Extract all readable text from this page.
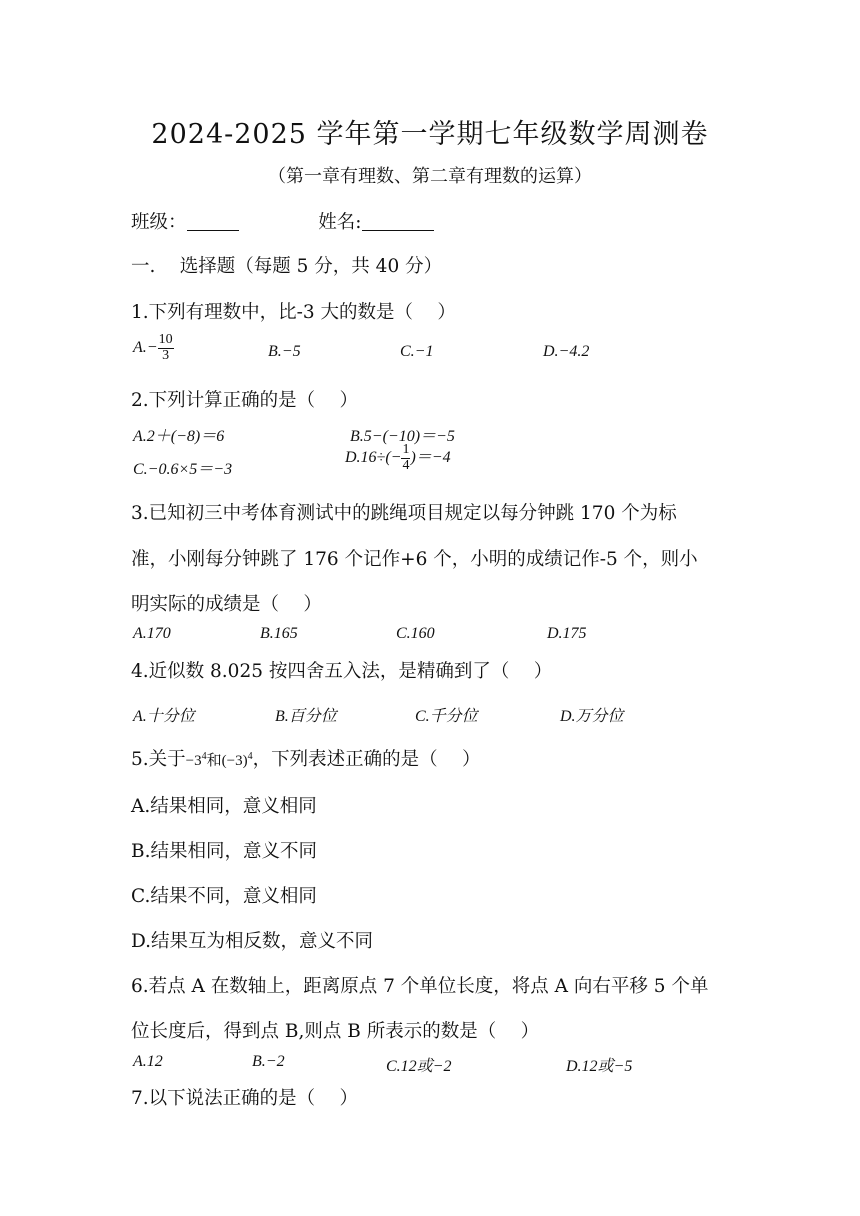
2024-2025 学年第一学期七年级数学周测卷
（第一章有理数、第二章有理数的运算）
班级：	姓名:
一.　 选择题（每题 5 分，共 40 分）
1.下列有理数中，比-3 大的数是（　 ）
$A.- \frac{10}{3}$	B.−5	C.−1	D.−4.2
2.下列计算正确的是（　 ）
A.2＋(−8)＝6	B.5−(−10)＝−5
C.−0.6×5＝−3
$D.16\div(- \frac{1}{4} )=-4$
3.已知初三中考体育测试中的跳绳项目规定以每分钟跳 170 个为标
准，小刚每分钟跳了 176 个记作+6 个，小明的成绩记作-5 个，则小
明实际的成绩是（　 ）
A.170	B.165	C.160	D.175
4.近似数 8.025 按四舍五入法，是精确到了（　 ）
A.十分位	B.百分位	C.千分位	D.万分位
5.关于$-3^4$和$(-3)^4$，下列表述正确的是（　 ）
A.结果相同，意义相同
B.结果相同，意义不同
C.结果不同，意义相同
D.结果互为相反数，意义不同
6.若点 A 在数轴上，距离原点 7 个单位长度，将点 A 向右平移 5 个单
位长度后，得到点 B,则点 B 所表示的数是（　 ）
A.12	B.−2	C.12或−2	D.12或−5
7.以下说法正确的是（　 ）
